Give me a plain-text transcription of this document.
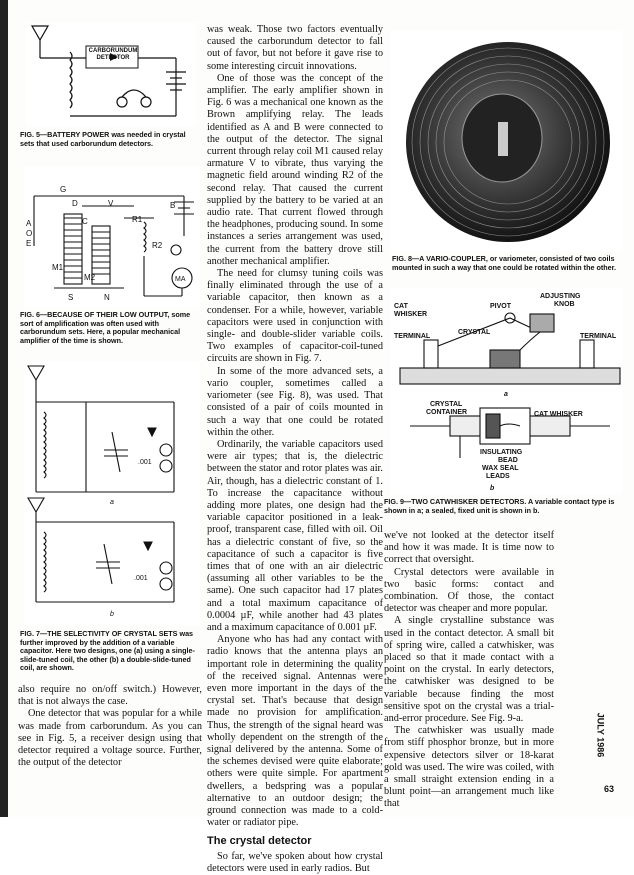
CARBORUNDUM
DETECTOR
FIG. 5—BATTERY POWER was needed in crystal sets that used carborundum detectors.
G
D	V	B
R1
C
A
O
E
M1
M2
R2
S	N
MA
FIG. 6—BECAUSE OF THEIR LOW OUTPUT, some sort of amplification was often used with carborundum sets. Here, a popular mechanical amplifier of the time is shown.
.001
.001
a
b
FIG. 7—THE SELECTIVITY OF CRYSTAL SETS was further improved by the addition of a variable capacitor. Here two designs, one (a) using a single-slide-tuned coil, the other (b) a double-slide-tuned coil, are shown.

also require no on/off switch.) However, that is not always the case.

One detector that was popular for a while was made from carborundum. As you can see in Fig. 5, a receiver design using that detector required a voltage source. Further, the output of the detector

was weak. Those two factors eventually caused the carborundum detector to fall out of favor, but not before it gave rise to some interesting circuit innovations.

One of those was the concept of the amplifier. The early amplifier shown in Fig. 6 was a mechanical one known as the Brown amplifying relay. The leads identified as A and B were connected to the output of the detector. The signal current through relay coil M1 caused relay armature V to vibrate, thus varying the magnetic field around winding R2 of the second relay. That caused the current supplied by the battery to be varied at an audio rate. That current flowed through the headphones, producing sound. In some instances a series arrangement was used, the current from the battery drove still another mechanical amplifier.

The need for clumsy tuning coils was finally eliminated through the use of a variable capacitor, then known as a condenser. For a while, however, variable capacitors were used in conjunction with single- and double-slider variable coils. Two examples of capacitor-coil-tuned circuits are shown in Fig. 7.

In some of the more advanced sets, a vario coupler, sometimes called a variometer (see Fig. 8), was used. That consisted of a pair of coils mounted in such a way that one could be rotated within the other.

Ordinarily, the variable capacitors used were air types; that is, the dielectric between the stator and rotor plates was air. Air, though, has a dielectric constant of 1. To increase the capacitance without adding more plates, one design had the variable capacitor positioned in a leak-proof, transparent case, filled with oil. Oil has a dielectric constant of five, so the capacitance of such a capacitor is five times that of one with an air dielectric (assuming all other variables to be the same). One such capacitor had 17 plates and a total maximum capacitance of 0.0004 µF, while another had 43 plates and a maximum capacitance of 0.001 µF.

Anyone who has had any contact with radio knows that the antenna plays an important role in determining the quality of the received signal. Antennas were even more important in the days of the crystal set. That's because that design made no provision for amplification. Thus, the strength of the signal heard was wholly dependent on the strength of the signal delivered by the antenna. Some of the schemes devised were quite elaborate; others were quite simple. For apartment dwellers, a bedspring was a popular alternative to an outdoor design; the ground connection was made to a cold-water or radiator pipe.

The crystal detector

So far, we've spoken about how crystal detectors were used in early radios. But

FIG. 8—A VARIO-COUPLER, or variometer, consisted of two coils mounted in such a way that one could be rotated within the other.
ADJUSTING
KNOB
PIVOT
CAT
WHISKER
CRYSTAL
TERMINAL	TERMINAL
a
CRYSTAL
CONTAINER	CAT WHISKER
INSULATING
BEAD
WAX SEAL
LEADS
b
FIG. 9—TWO CATWHISKER DETECTORS. A variable contact type is shown in a; a sealed, fixed unit is shown in b.

we've not looked at the detector itself and how it was made. It is time now to correct that oversight.

Crystal detectors were available in two basic forms: contact and combination. Of those, the contact detector was cheaper and more popular.

A single crystalline substance was used in the contact detector. A small bit of spring wire, called a catwhisker, was placed so that it made contact with a point on the crystal. In early detectors, the catwhisker was designed to be variable because finding the most sensitive spot on the crystal was a trial-and-error procedure. See Fig. 9-a.

The catwhisker was usually made from stiff phosphor bronze, but in more expensive detectors silver or 18-karat gold was used. The wire was coiled, with a small straight extension ending in a blunt point—an arrangement much like that

JULY 1986
63
